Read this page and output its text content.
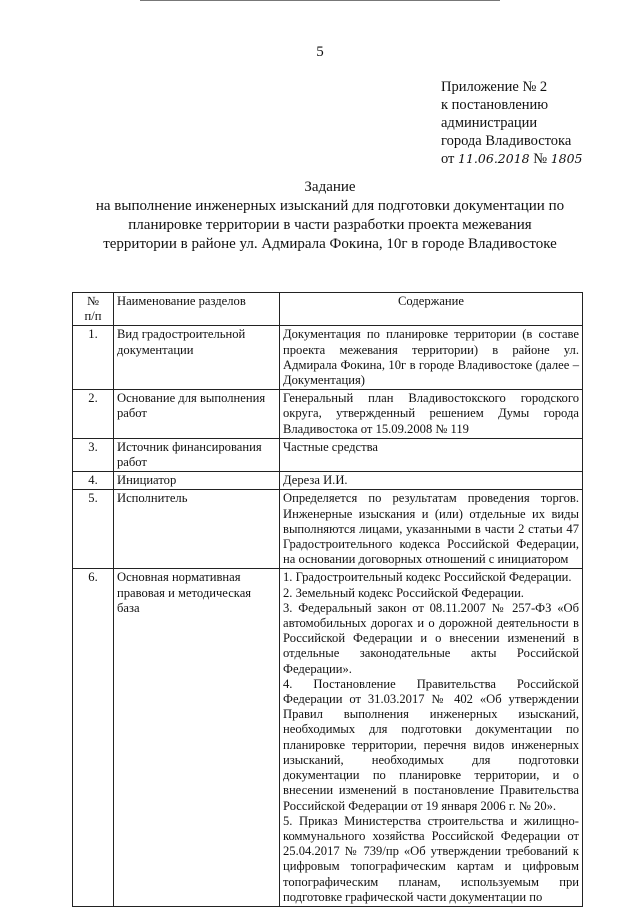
5
Приложение № 2
к постановлению
администрации
города Владивостока
от 11.06.2018 № 1805
Задание
на выполнение инженерных изысканий для подготовки документации по
планировке территории в части разработки проекта межевания
территории в районе ул. Адмирала Фокина, 10г в городе Владивостоке
№
п/п	Наименование разделов	Содержание
1.	Вид градостроительной документации	Документация по планировке территории (в составе проекта межевания территории) в районе ул. Адмирала Фокина, 10г в городе Владивостоке (далее – Документация)

2.	Основание для выполнения работ	Генеральный план Владивостокского городского округа, утвержденный решением Думы города Владивостока от 15.09.2008 № 119

3.	Источник финансирования работ	Частные средства

4.	Инициатор	Дереза И.И.

5.	Исполнитель	Определяется по результатам проведения торгов. Инженерные изыскания и (или) отдельные их виды выполняются лицами, указанными в части 2 статьи 47 Градостроительного кодекса Российской Федерации, на основании договорных отношений с инициатором

6.	Основная нормативная правовая и методическая база	1. Градостроительный кодекс Российской Федерации.
2. Земельный кодекс Российской Федерации.
3. Федеральный закон от 08.11.2007 № 257-ФЗ «Об автомобильных дорогах и о дорожной деятельности в Российской Федерации и о внесении изменений в отдельные законодательные акты Российской Федерации».
4. Постановление Правительства Российской Федерации от 31.03.2017 № 402 «Об утверждении Правил выполнения инженерных изысканий, необходимых для подготовки документации по планировке территории, перечня видов инженерных изысканий, необходимых для подготовки документации по планировке территории, и о внесении изменений в постановление Правительства Российской Федерации от 19 января 2006 г. № 20».
5. Приказ Министерства строительства и жилищно-коммунального хозяйства Российской Федерации от 25.04.2017 № 739/пр «Об утверждении требований к цифровым топографическим картам и цифровым топографическим планам, используемым при подготовке графической части документации по
